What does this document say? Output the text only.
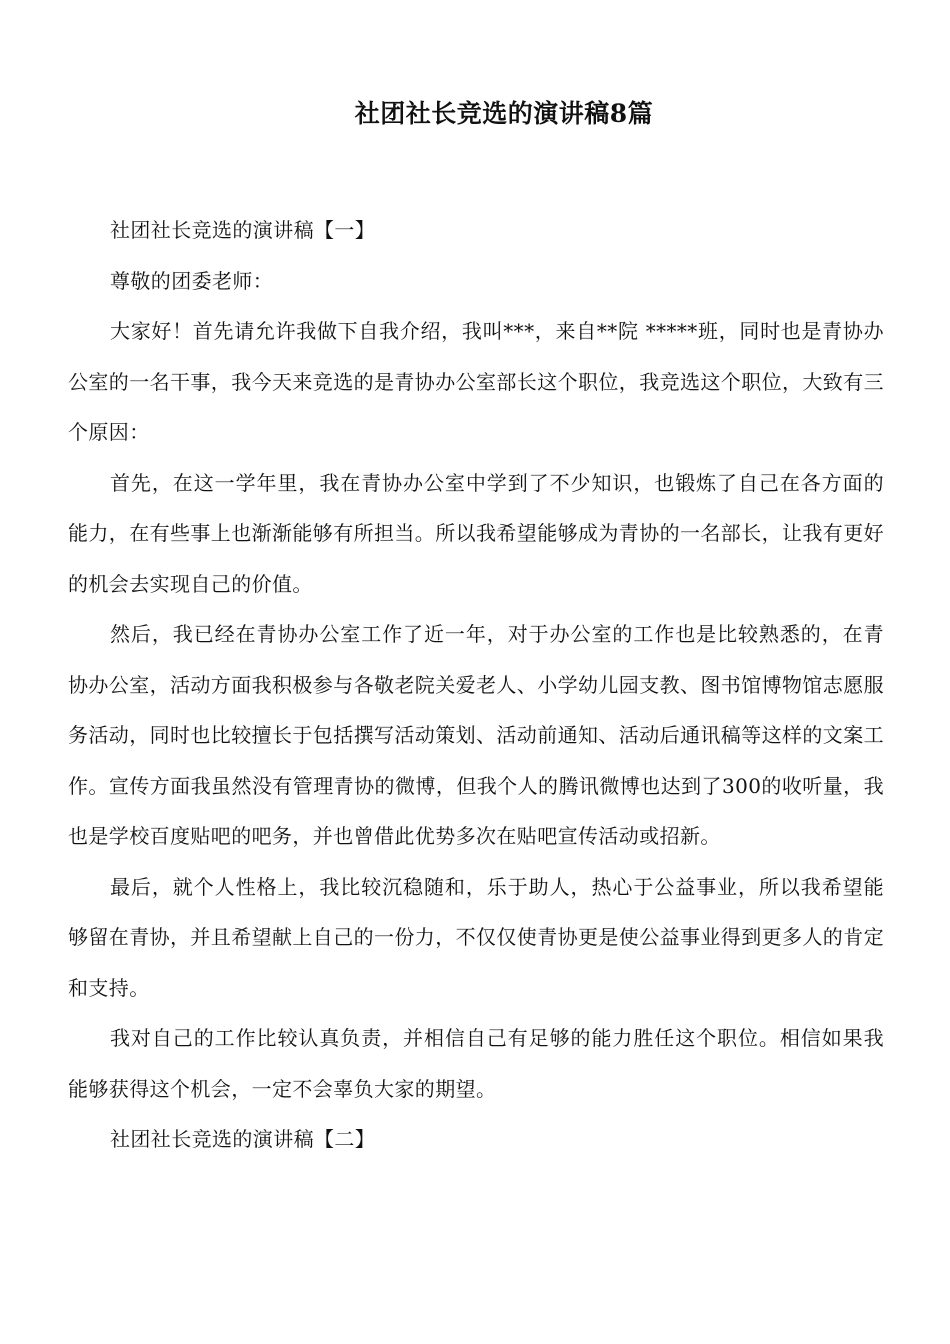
社团社长竞选的演讲稿8篇

社团社长竞选的演讲稿【一】

尊敬的团委老师：

大家好！首先请允许我做下自我介绍，我叫***，来自**院 *****班，同时也是青协办公室的一名干事，我今天来竞选的是青协办公室部长这个职位，我竞选这个职位，大致有三个原因：

首先，在这一学年里，我在青协办公室中学到了不少知识，也锻炼了自己在各方面的能力，在有些事上也渐渐能够有所担当。所以我希望能够成为青协的一名部长，让我有更好的机会去实现自己的价值。

然后，我已经在青协办公室工作了近一年，对于办公室的工作也是比较熟悉的，在青协办公室，活动方面我积极参与各敬老院关爱老人、小学幼儿园支教、图书馆博物馆志愿服务活动，同时也比较擅长于包括撰写活动策划、活动前通知、活动后通讯稿等这样的文案工作。宣传方面我虽然没有管理青协的微博，但我个人的腾讯微博也达到了300的收听量，我也是学校百度贴吧的吧务，并也曾借此优势多次在贴吧宣传活动或招新。

最后，就个人性格上，我比较沉稳随和，乐于助人，热心于公益事业，所以我希望能够留在青协，并且希望献上自己的一份力，不仅仅使青协更是使公益事业得到更多人的肯定和支持。

我对自己的工作比较认真负责，并相信自己有足够的能力胜任这个职位。相信如果我能够获得这个机会，一定不会辜负大家的期望。

社团社长竞选的演讲稿【二】
